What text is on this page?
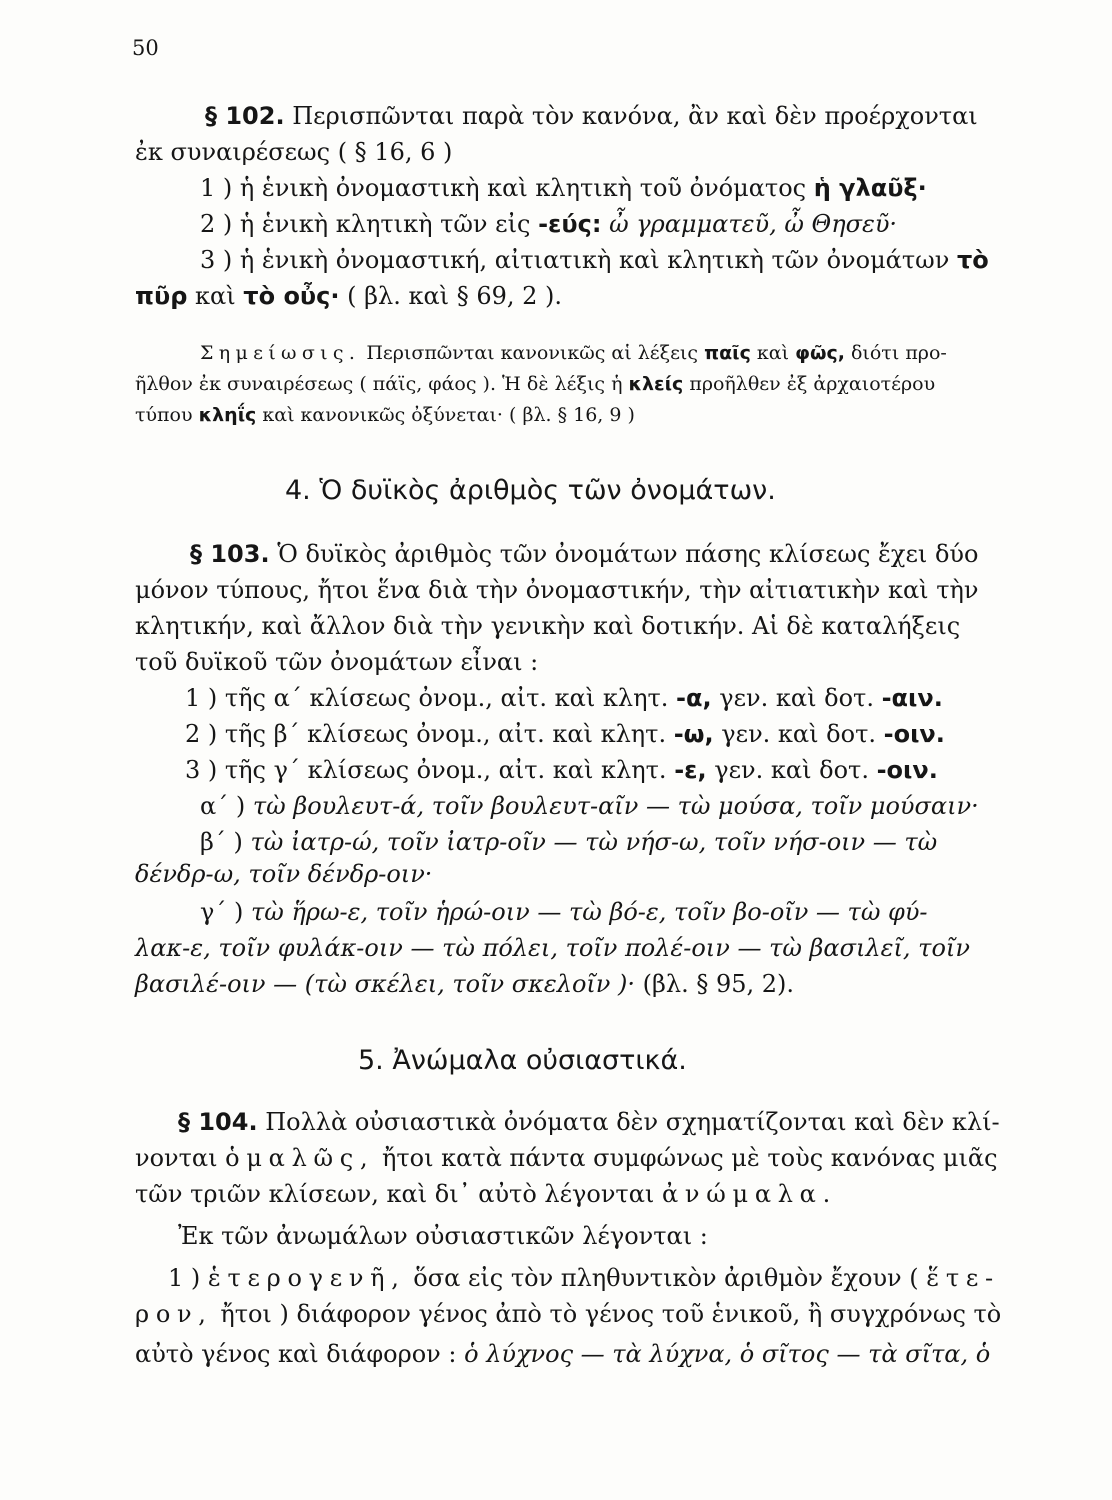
50
§ 102. Περισπῶνται παρὰ τὸν κανόνα, ἂν καὶ δὲν προέρχονται
ἐκ συναιρέσεως ( § 16, 6 )
1 ) ἡ ἑνικὴ ὀνομαστικὴ καὶ κλητικὴ τοῦ ὀνόματος ἡ γλαῦξ·
2 ) ἡ ἑνικὴ κλητικὴ τῶν εἰς -εύς: ὦ γραμματεῦ, ὦ Θησεῦ·
3 ) ἡ ἑνικὴ ὀνομαστική, αἰτιατικὴ καὶ κλητικὴ τῶν ὀνομάτων τὸ
πῦρ καὶ τὸ οὖς· ( βλ. καὶ § 69, 2 ).
Σημείωσις. Περισπῶνται κανονικῶς αἱ λέξεις παῖς καὶ φῶς, διότι προ-
ῆλθον ἐκ συναιρέσεως ( πάϊς, φάος ). Ἡ δὲ λέξις ἡ κλείς προῆλθεν ἐξ ἀρχαιοτέρου
τύπου κληΐς καὶ κανονικῶς ὀξύνεται· ( βλ. § 16, 9 )
4. Ὁ δυϊκὸς ἀριθμὸς τῶν ὀνομάτων.
§ 103. Ὁ δυϊκὸς ἀριθμὸς τῶν ὀνομάτων πάσης κλίσεως ἔχει δύο
μόνον τύπους, ἤτοι ἕνα διὰ τὴν ὀνομαστικήν, τὴν αἰτιατικὴν καὶ τὴν
κλητικήν, καὶ ἄλλον διὰ τὴν γενικὴν καὶ δοτικήν. Αἱ δὲ καταλήξεις
τοῦ δυϊκοῦ τῶν ὀνομάτων εἶναι :
1 ) τῆς α΄ κλίσεως ὀνομ., αἰτ. καὶ κλητ. -α, γεν. καὶ δοτ. -αιν.
2 ) τῆς β΄ κλίσεως ὀνομ., αἰτ. καὶ κλητ. -ω, γεν. καὶ δοτ. -οιν.
3 ) τῆς γ΄ κλίσεως ὀνομ., αἰτ. καὶ κλητ. -ε, γεν. καὶ δοτ. -οιν.
α΄ ) τὼ βουλευτ-ά, τοῖν βουλευτ-αῖν — τὼ μούσα, τοῖν μούσαιν·
β΄ ) τὼ ἰατρ-ώ, τοῖν ἰατρ-οῖν — τὼ νήσ-ω, τοῖν νήσ-οιν — τὼ
δένδρ-ω, τοῖν δένδρ-οιν·
γ΄ ) τὼ ἥρω-ε, τοῖν ἡρώ-οιν — τὼ βό-ε, τοῖν βο-οῖν — τὼ φύ-
λακ-ε, τοῖν φυλάκ-οιν — τὼ πόλει, τοῖν πολέ-οιν — τὼ βασιλεῖ, τοῖν
βασιλέ-οιν — (τὼ σκέλει, τοῖν σκελοῖν )· (βλ. § 95, 2).
5. Ἀνώμαλα οὐσιαστικά.
§ 104. Πολλὰ οὐσιαστικὰ ὀνόματα δὲν σχηματίζονται καὶ δὲν κλί-
νονται ὁμαλῶς, ἤτοι κατὰ πάντα συμφώνως μὲ τοὺς κανόνας μιᾶς
τῶν τριῶν κλίσεων, καὶ δι᾽ αὐτὸ λέγονται ἀνώμαλα.
Ἐκ τῶν ἀνωμάλων οὐσιαστικῶν λέγονται :
1 ) ἑτερογενῆ, ὅσα εἰς τὸν πληθυντικὸν ἀριθμὸν ἔχουν ( ἕτε-
ρον, ἤτοι ) διάφορον γένος ἀπὸ τὸ γένος τοῦ ἑνικοῦ, ἢ συγχρόνως τὸ
αὐτὸ γένος καὶ διάφορον : ὁ λύχνος — τὰ λύχνα, ὁ σῖτος — τὰ σῖτα, ὁ
